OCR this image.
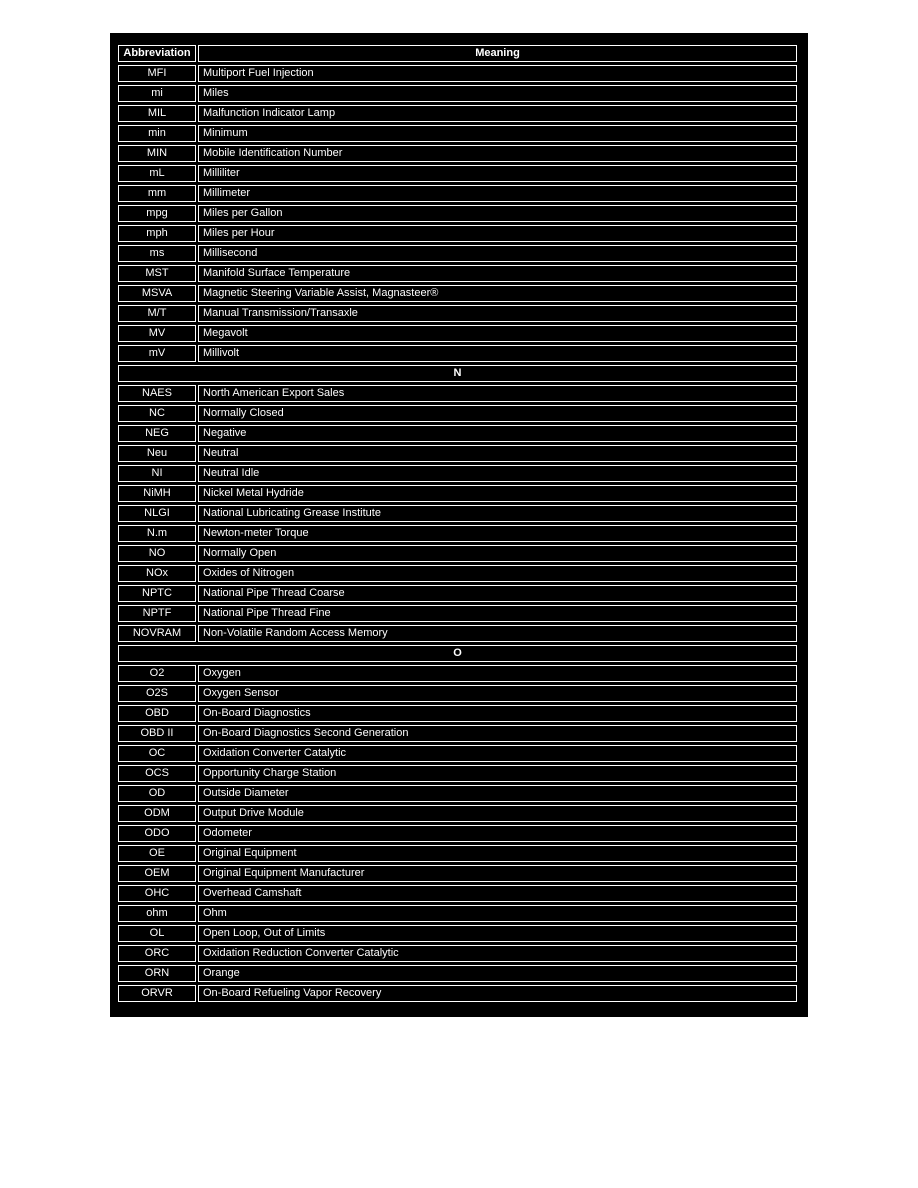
Abbreviation	Meaning
MFI	Multiport Fuel Injection
mi	Miles
MIL	Malfunction Indicator Lamp
min	Minimum
MIN	Mobile Identification Number
mL	Milliliter
mm	Millimeter
mpg	Miles per Gallon
mph	Miles per Hour
ms	Millisecond
MST	Manifold Surface Temperature
MSVA	Magnetic Steering Variable Assist, Magnasteer®
M/T	Manual Transmission/Transaxle
MV	Megavolt
mV	Millivolt
N
NAES	North American Export Sales
NC	Normally Closed
NEG	Negative
Neu	Neutral
NI	Neutral Idle
NiMH	Nickel Metal Hydride
NLGI	National Lubricating Grease Institute
N.m	Newton-meter Torque
NO	Normally Open
NOx	Oxides of Nitrogen
NPTC	National Pipe Thread Coarse
NPTF	National Pipe Thread Fine
NOVRAM	Non-Volatile Random Access Memory
O
O2	Oxygen
O2S	Oxygen Sensor
OBD	On-Board Diagnostics
OBD II	On-Board Diagnostics Second Generation
OC	Oxidation Converter Catalytic
OCS	Opportunity Charge Station
OD	Outside Diameter
ODM	Output Drive Module
ODO	Odometer
OE	Original Equipment
OEM	Original Equipment Manufacturer
OHC	Overhead Camshaft
ohm	Ohm
OL	Open Loop, Out of Limits
ORC	Oxidation Reduction Converter Catalytic
ORN	Orange
ORVR	On-Board Refueling Vapor Recovery
